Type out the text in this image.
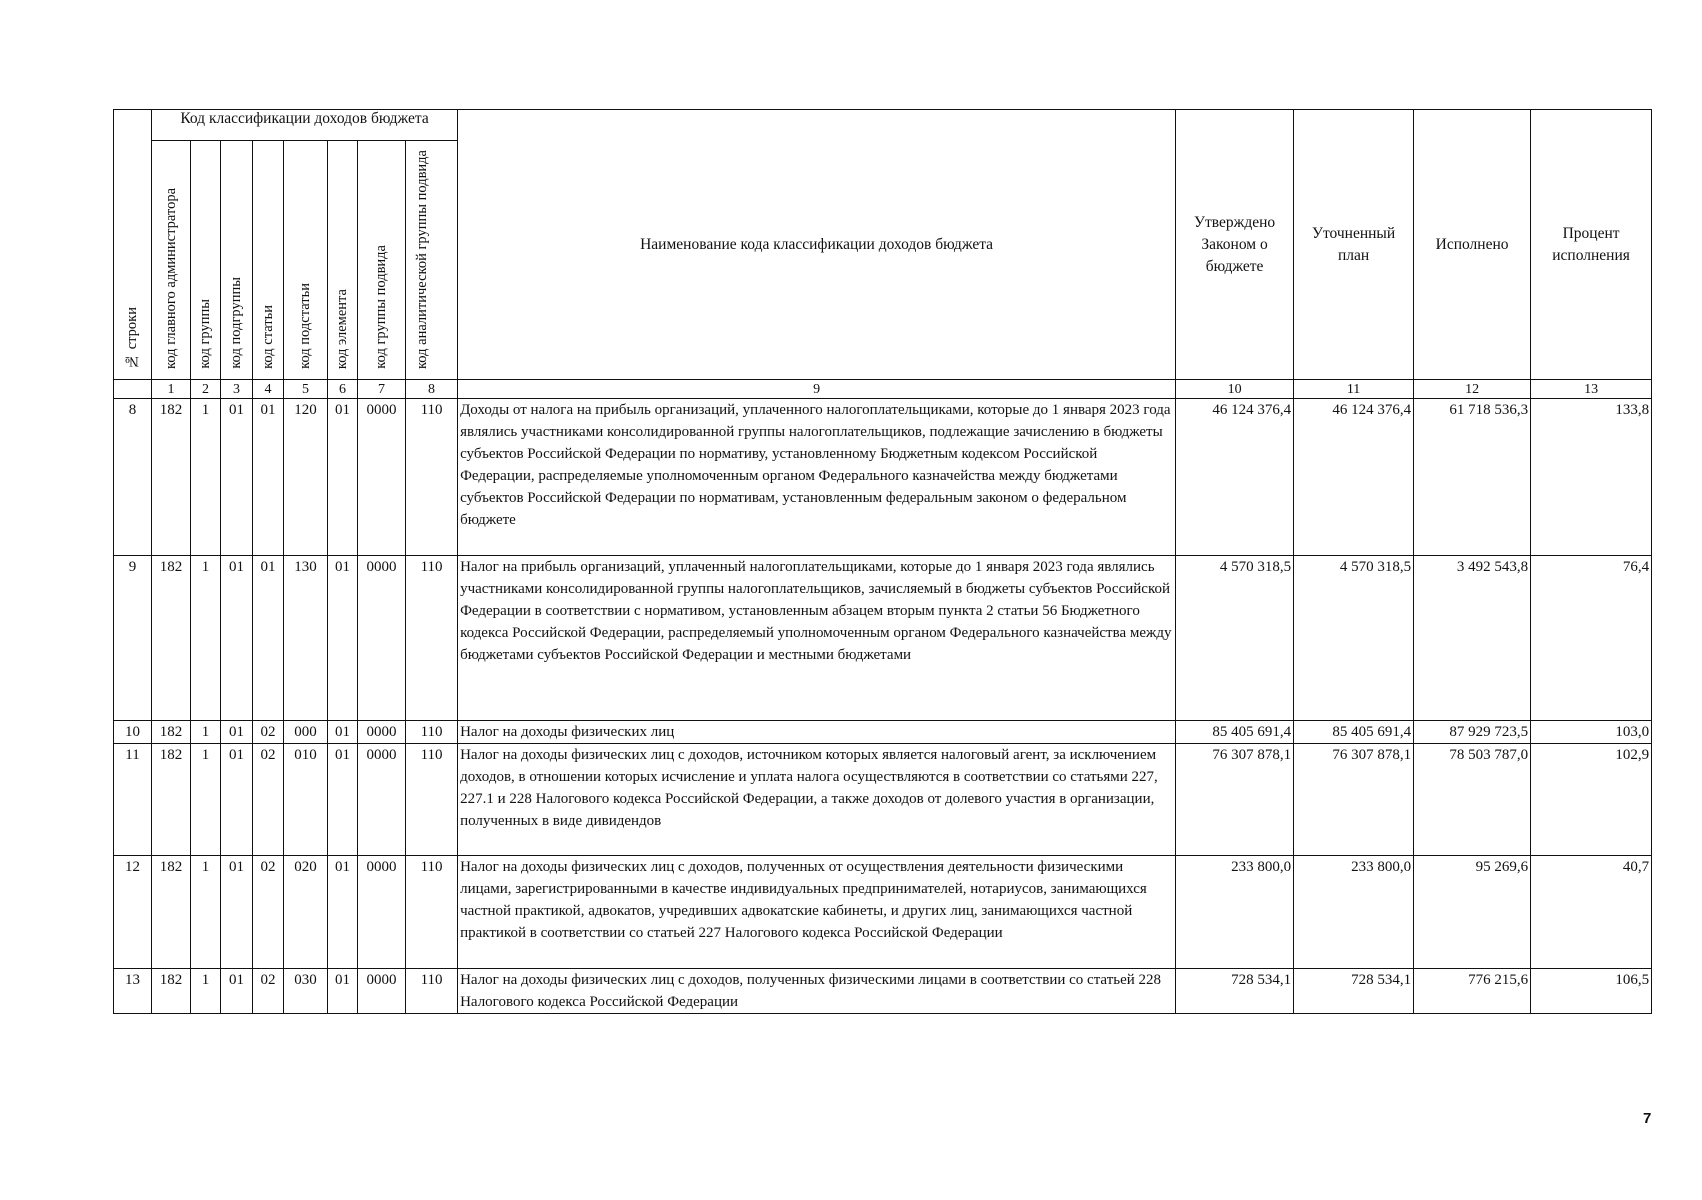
№ строки	Код классификации доходов бюджета								Наименование кода классификации доходов бюджета	Утверждено Законом о бюджете	Уточненный план	Исполнено	Процент исполнения

	код главного администратора	код группы	код подгруппы	код статьи	код подстатьи	код элемента	код группы подвида	код аналитической группы подвида					

	1	2	3	4	5	6	7	8	9	10	11	12	13
8	182	1	01	01	120	01	0000	110	Доходы от налога на прибыль организаций, уплаченного налогоплательщиками, которые до 1 января 2023 года являлись участниками консолидированной группы налогоплательщиков, подлежащие зачислению в бюджеты субъектов Российской Федерации по нормативу, установленному Бюджетным кодексом Российской Федерации, распределяемые уполномоченным органом Федерального казначейства между бюджетами субъектов Российской Федерации по нормативам, установленным федеральным законом о федеральном бюджете	46 124 376,4	46 124 376,4	61 718 536,3	133,8
9	182	1	01	01	130	01	0000	110	Налог на прибыль организаций, уплаченный налогоплательщиками, которые до 1 января 2023 года являлись участниками консолидированной группы налогоплательщиков, зачисляемый в бюджеты субъектов Российской Федерации в соответствии с нормативом, установленным абзацем вторым пункта 2 статьи 56 Бюджетного кодекса Российской Федерации, распределяемый уполномоченным органом Федерального казначейства между бюджетами субъектов Российской Федерации и местными бюджетами	4 570 318,5	4 570 318,5	3 492 543,8	76,4
10	182	1	01	02	000	01	0000	110	Налог на доходы физических лиц	85 405 691,4	85 405 691,4	87 929 723,5	103,0
11	182	1	01	02	010	01	0000	110	Налог на доходы физических лиц с доходов, источником которых является налоговый агент, за исключением доходов, в отношении которых исчисление и уплата налога осуществляются в соответствии со статьями 227, 227.1 и 228 Налогового кодекса Российской Федерации, а также доходов от долевого участия в организации, полученных в виде дивидендов	76 307 878,1	76 307 878,1	78 503 787,0	102,9
12	182	1	01	02	020	01	0000	110	Налог на доходы физических лиц с доходов, полученных от осуществления деятельности физическими лицами, зарегистрированными в качестве индивидуальных предпринимателей, нотариусов, занимающихся частной практикой, адвокатов, учредивших адвокатские кабинеты, и других лиц, занимающихся частной практикой в соответствии со статьей 227 Налогового кодекса Российской Федерации	233 800,0	233 800,0	95 269,6	40,7
13	182	1	01	02	030	01	0000	110	Налог на доходы физических лиц с доходов, полученных физическими лицами в соответствии со статьей 228 Налогового кодекса Российской Федерации	728 534,1	728 534,1	776 215,6	106,5
7
